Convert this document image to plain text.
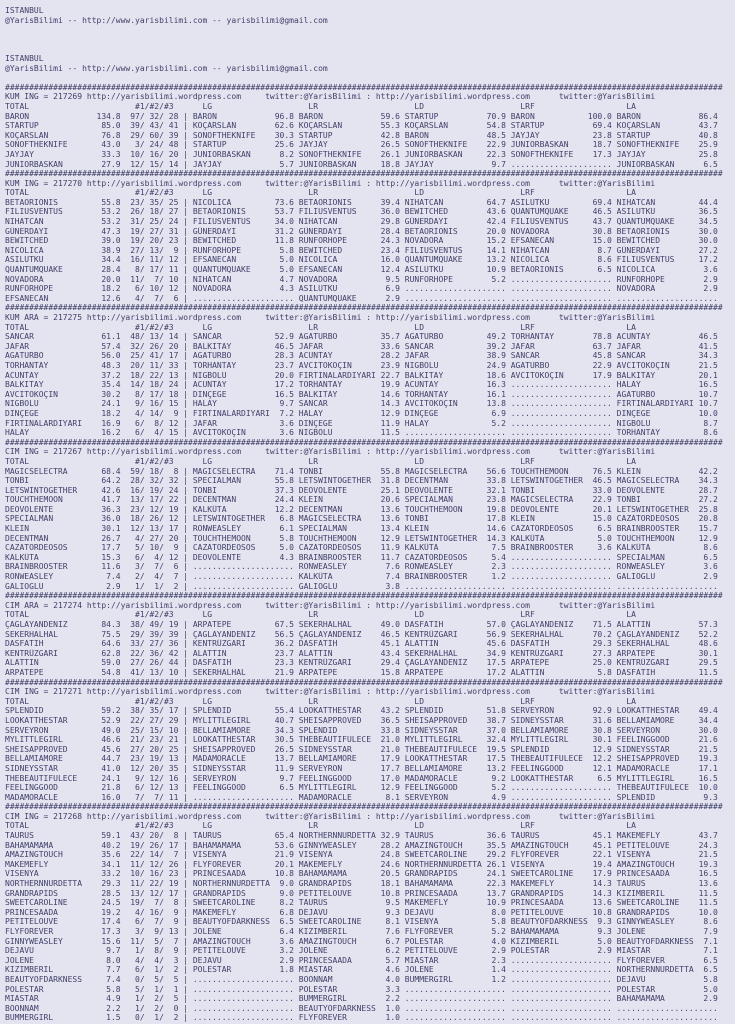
ISTANBUL
@YarisBilimi -- http://www.yarisbilimi.com -- yarisbilimi@gmail.com

ISTANBUL
@YarisBilimi -- http://www.yarisbilimi.com -- yarisbilimi@gmail.com

#####################################################################################################################################################
KUM ING = 217269 http://yarisbilimi.wordpress.com     twitter:@YarisBilimi : http://yarisbilimi.wordpress.com      twitter:@YarisBilimi
TOTAL                      #1/#2/#3      LG                    LR                    LD                    LRF                   LA
BARON              134.8  97/ 32/ 28 | BARON            96.8 BARON            59.6 STARTUP          70.9 BARON           100.0 BARON            86.4
STARTUP             85.0  39/ 43/ 41 | KOÇARSLAN        62.6 KOÇARSLAN        55.3 KOÇARSLAN        54.8 STARTUP          69.4 KOÇARSLAN        43.7
KOÇARSLAN           76.8  29/ 60/ 39 | SONOFTHEKNIFE    30.3 STARTUP          42.8 BARON            48.5 JAYJAY           23.8 STARTUP          40.8
SONOFTHEKNIFE       43.0   3/ 24/ 48 | STARTUP          25.6 JAYJAY           26.5 SONOFTHEKNIFE    22.9 JUNIORBASKAN     18.7 SONOFTHEKNIFE    25.9
JAYJAY              33.3  10/ 16/ 20 | JUNIORBASKAN      8.2 SONOFTHEKNIFE    26.1 JUNIORBASKAN     22.3 SONOFTHEKNIFE    17.3 JAYJAY           25.8
JUNIORBASKAN        27.9  12/ 15/ 14 | JAYJAY            5.7 JUNIORBASKAN     18.8 JAYJAY            9.7 ..................... JUNIORBASKAN      6.5
#####################################################################################################################################################
KUM ING = 217270 http://yarisbilimi.wordpress.com     twitter:@YarisBilimi : http://yarisbilimi.wordpress.com      twitter:@YarisBilimi
TOTAL                      #1/#2/#3      LG                    LR                    LD                    LRF                   LA
BETAORIONIS         55.8  23/ 35/ 25 | NICOLICA         73.6 BETAORIONIS      39.4 NIHATCAN         64.7 ASILUTKU         69.4 NIHATCAN         44.4
FILIUSVENTUS        53.2  26/ 18/ 27 | BETAORIONIS      53.7 FILIUSVENTUS     36.0 BEWITCHED        43.6 QUANTUMQUAKE     46.5 ASILUTKU         36.5
NIHATCAN            53.2  31/ 25/ 24 | FILIUSVENTUS     34.0 NIHATCAN         29.8 GÜNERDAYI        42.4 FILIUSVENTUS     43.7 QUANTUMQUAKE     34.5
GÜNERDAYI           47.3  19/ 27/ 31 | GÜNERDAYI        31.2 GÜNERDAYI        28.4 BETAORIONIS      20.0 NOVADORA         30.8 BETAORIONIS      30.0
BEWITCHED           39.0  19/ 20/ 23 | BEWITCHED        11.8 RUNFORHOPE       24.3 NOVADORA         15.2 EFSANECAN        15.0 BEWITCHED        30.0
NICOLICA            38.9  27/ 13/  9 | RUNFORHOPE        5.8 BEWITCHED        23.4 FILIUSVENTUS     14.1 NIHATCAN          8.7 GÜNERDAYI        27.2
ASILUTKU            34.4  16/ 11/ 12 | EFSANECAN         5.0 NICOLICA         16.0 QUANTUMQUAKE     13.2 NICOLICA          8.6 FILIUSVENTUS     17.2
QUANTUMQUAKE        28.4   8/ 17/ 11 | QUANTUMQUAKE      5.0 EFSANECAN        12.4 ASILUTKU         10.9 BETAORIONIS       6.5 NICOLICA          3.6
NOVADORA            20.0  11/  7/ 10 | NIHATCAN          4.7 NOVADORA          9.5 RUNFORHOPE        5.2 ..................... RUNFORHOPE        2.9
RUNFORHOPE          18.2   6/ 10/ 12 | NOVADORA          4.3 ASILUTKU          6.9 ..................... ..................... NOVADORA          2.9
EFSANECAN           12.6   4/  7/  6 | ..................... QUANTUMQUAKE      2.9 ..................... ..................... .....................
#####################################################################################################################################################
KUM ARA = 217275 http://yarisbilimi.wordpress.com     twitter:@YarisBilimi : http://yarisbilimi.wordpress.com      twitter:@YarisBilimi
TOTAL                      #1/#2/#3      LG                    LR                    LD                    LRF                   LA
SANCAR              61.1  48/ 13/ 14 | SANCAR           52.9 AGATURBO         35.7 AGATURBO         49.2 TORHANTAY        78.8 ACUNTAY          46.5
JAFAR               57.4  32/ 26/ 20 | BALKITAY         46.5 JAFAR            33.6 SANCAR           39.2 JAFAR            63.7 JAFAR            41.5
AGATURBO            56.0  25/ 41/ 17 | AGATURBO         28.3 ACUNTAY          28.2 JAFAR            38.9 SANCAR           45.8 SANCAR           34.3
TORHANTAY           48.3  20/ 11/ 33 | TORHANTAY        23.7 AVCITOKOÇIN      23.9 NIGBOLU          24.9 AGATURBO         22.9 AVCITOKOÇIN      21.5
ACUNTAY             37.2  18/ 22/ 13 | NIGBOLU          20.0 FIRTINALARDIYARI 22.7 BALKITAY         18.6 AVCITOKOÇIN      17.9 BALKITAY         20.1
BALKITAY            35.4  14/ 18/ 24 | ACUNTAY          17.2 TORHANTAY        19.9 ACUNTAY          16.3 ..................... HALAY            16.5
AVCITOKOÇIN         30.2   8/ 17/ 18 | DINÇEGE          16.5 BALKITAY         14.6 TORHANTAY        16.1 ..................... AGATURBO         10.7
NIGBOLU             24.1   9/ 16/ 15 | HALAY             9.7 SANCAR           14.3 AVCITOKOÇIN      13.8 ..................... FIRTINALARDIYARI 10.7
DINÇEGE             18.2   4/ 14/  9 | FIRTINALARDIYARI  7.2 HALAY            12.9 DINÇEGE           6.9 ..................... DINÇEGE          10.0
FIRTINALARDIYARI    16.9   6/  8/ 12 | JAFAR             3.6 DINÇEGE          11.9 HALAY             5.2 ..................... NIGBOLU           8.7
HALAY               16.2   6/  4/ 15 | AVCITOKOÇIN       3.6 NIGBOLU          11.5 ..................... ..................... TORHANTAY         8.6
#####################################################################################################################################################
CIM ING = 217267 http://yarisbilimi.wordpress.com     twitter:@YarisBilimi : http://yarisbilimi.wordpress.com      twitter:@YarisBilimi
TOTAL                      #1/#2/#3      LG                    LR                    LD                    LRF                   LA
MAGICSELECTRA       68.4  59/ 18/  8 | MAGICSELECTRA    71.4 TONBI            55.8 MAGICSELECTRA    56.6 TOUCHTHEMOON     76.5 KLEIN            42.2
TONBI               64.2  28/ 32/ 32 | SPECIALMAN       55.8 LETSWINTOGETHER  31.8 DECENTMAN        33.8 LETSWINTOGETHER  46.5 MAGICSELECTRA    34.3
LETSWINTOGETHER     42.6  16/ 19/ 24 | TONBI            37.3 DEOVOLENTE       25.1 DEOVOLENTE       32.1 TONBI            33.0 DEOVOLENTE       28.7
TOUCHTHEMOON        41.7  13/ 17/ 22 | DECENTMAN        24.4 KLEIN            20.6 SPECIALMAN       23.8 MAGICSELECTRA    22.9 TONBI            27.2
DEOVOLENTE          36.3  23/ 12/ 19 | KALKÜTA          12.2 DECENTMAN        13.6 TOUCHTHEMOON     19.8 DEOVOLENTE       20.1 LETSWINTOGETHER  25.8
SPECIALMAN          36.0  18/ 26/ 12 | LETSWINTOGETHER   6.8 MAGICSELECTRA    13.6 TONBI            17.8 KLEIN            15.0 CAZATORDEOSOS    20.8
KLEIN               30.1  12/ 13/ 17 | RONWEASLEY        6.1 SPECIALMAN       13.4 KLEIN            14.6 CAZATORDEOSOS     6.5 BRAINBROOSTER    15.7
DECENTMAN           26.7   4/ 27/ 20 | TOUCHTHEMOON      5.8 TOUCHTHEMOON     12.9 LETSWINTOGETHER  14.3 KALKÜTA           5.0 TOUCHTHEMOON     12.9
CAZATORDEOSOS       17.7   5/ 10/  9 | CAZATORDEOSOS     5.0 CAZATORDEOSOS    11.9 KALKÜTA           7.5 BRAINBROOSTER     3.6 KALKÜTA           8.6
KALKÜTA             15.3   6/  4/ 12 | DEOVOLENTE        4.3 BRAINBROOSTER    11.7 CAZATORDEOSOS     5.4 ..................... SPECIALMAN        6.5
BRAINBROOSTER       11.6   3/  7/  6 | ..................... RONWEASLEY        7.6 RONWEASLEY        2.3 ..................... RONWEASLEY        3.6
RONWEASLEY           7.4   2/  4/  7 | ..................... KALKÜTA           7.4 BRAINBROOSTER     1.2 ..................... GALIOGLU          2.9
GALIOGLU             2.9   1/  1/  2 | ..................... GALIOGLU          3.8 ..................... ..................... .....................
#####################################################################################################################################################
CIM ARA = 217274 http://yarisbilimi.wordpress.com     twitter:@YarisBilimi : http://yarisbilimi.wordpress.com      twitter:@YarisBilimi
TOTAL                      #1/#2/#3      LG                    LR                    LD                    LRF                   LA
ÇAGLAYANDENIZ       84.3  38/ 49/ 19 | ARPATEPE         67.5 SEKERHALHAL      49.0 DASFATIH         57.0 ÇAGLAYANDENIZ    71.5 ALATTIN          57.3
SEKERHALHAL         75.5  29/ 39/ 39 | ÇAGLAYANDENIZ    56.5 ÇAGLAYANDENIZ    46.5 KENTRÜZGARI      56.9 SEKERHALHAL      70.2 ÇAGLAYANDENIZ    52.2
DASFATIH            64.6  33/ 27/ 36 | KENTRÜZGARI      36.2 DASFATIH         45.1 ALATTIN          45.6 DASFATIH         29.3 SEKERHALHAL      48.6
KENTRÜZGARI         62.8  22/ 36/ 42 | ALATTIN          23.7 ALATTIN          43.4 SEKERHALHAL      34.9 KENTRÜZGARI      27.3 ARPATEPE         30.1
ALATTIN             59.0  27/ 26/ 44 | DASFATIH         23.3 KENTRÜZGARI      29.4 ÇAGLAYANDENIZ    17.5 ARPATEPE         25.0 KENTRÜZGARI      29.5
ARPATEPE            54.8  41/ 13/ 10 | SEKERHALHAL      21.9 ARPATEPE         15.8 ARPATEPE         17.2 ALATTIN           5.8 DASFATIH         11.5
#####################################################################################################################################################
CIM ING = 217271 http://yarisbilimi.wordpress.com     twitter:@YarisBilimi : http://yarisbilimi.wordpress.com      twitter:@YarisBilimi
TOTAL                      #1/#2/#3      LG                    LR                    LD                    LRF                   LA
SPLENDID            59.2  38/ 35/ 17 | SPLENDID         55.4 LOOKATTHESTAR    43.2 SPLENDID         51.8 SERVEYRON        92.9 LOOKATTHESTAR    49.4
LOOKATTHESTAR       52.9  22/ 27/ 29 | MYLITTLEGIRL     40.7 SHEISAPPROVED    36.5 SHEISAPPROVED    38.7 SIDNEYSSTAR      31.6 BELLAMIAMORE     34.4
SERVEYRON           49.0  25/ 15/ 10 | BELLAMIAMORE     34.3 SPLENDID         33.8 SIDNEYSSTAR      37.0 BELLAMIAMORE     30.8 SERVEYRON        30.0
MYLITTLEGIRL        46.6  21/ 23/ 21 | LOOKATTHESTAR    30.5 THEBEAUTIFULECE  21.0 MYLITTLEGIRL     32.4 MYLITTLEGIRL     30.1 FEELINGGOOD      21.6
SHEISAPPROVED       45.6  27/ 20/ 25 | SHEISAPPROVED    26.5 SIDNEYSSTAR      21.0 THEBEAUTIFULECE  19.5 SPLENDID         12.9 SIDNEYSSTAR      21.5
BELLAMIAMORE        44.7  23/ 19/ 13 | MADAMORACLE      13.7 BELLAMIAMORE     17.9 LOOKATTHESTAR    17.5 THEBEAUTIFULECE  12.2 SHEISAPPROVED    19.3
SIDNEYSSTAR         41.0  12/ 20/ 35 | SIDNEYSSTAR      11.9 SERVEYRON        17.7 BELLAMIAMORE     13.2 FEELINGGOOD      12.1 MADAMORACLE      17.1
THEBEAUTIFULECE     24.1   9/ 12/ 16 | SERVEYRON         9.7 FEELINGGOOD      17.0 MADAMORACLE       9.2 LOOKATTHESTAR     6.5 MYLITTLEGIRL     16.5
FEELINGGOOD         21.8   6/ 12/ 13 | FEELINGGOOD       6.5 MYLITTLEGIRL     12.9 FEELINGGOOD       5.2 ..................... THEBEAUTIFULECE  10.0
MADAMORACLE         16.0   7/  7/ 11 | ..................... MADAMORACLE       8.1 SERVEYRON         4.9 ..................... SPLENDID          9.3
#####################################################################################################################################################
CIM ING = 217268 http://yarisbilimi.wordpress.com     twitter:@YarisBilimi : http://yarisbilimi.wordpress.com      twitter:@YarisBilimi
TOTAL                      #1/#2/#3      LG                    LR                    LD                    LRF                   LA
TAURUS              59.1  43/ 20/  8 | TAURUS           65.4 NORTHERNNURDETTA 32.9 TAURUS           36.6 TAURUS           45.1 MAKEMEFLY        43.7
BAHAMAMAMA          40.2  19/ 26/ 17 | BAHAMAMAMA       53.6 GINNYWEASLEY     28.2 AMAZINGTOUCH     35.5 AMAZINGTOUCH     45.1 PETITELOUVE      24.3
AMAZINGTOUCH        35.6  22/ 14/  7 | VISENYA          21.9 VISENYA          24.8 SWEETCAROLINE    29.2 FLYFOREVER       22.1 VISENYA          21.5
MAKEMEFLY           34.1  11/ 12/ 26 | FLYFOREVER       20.1 MAKEMEFLY        24.6 NORTHERNNURDETTA 26.1 VISENYA          19.4 AMAZINGTOUCH     19.3
VISENYA             33.2  10/ 16/ 23 | PRINCESAADA      10.8 BAHAMAMAMA       20.5 GRANDRAPIDS      24.1 SWEETCAROLINE    17.9 PRINCESAADA      16.5
NORTHERNNURDETTA    29.3  11/ 22/ 19 | NORTHERNNURDETTA  9.0 GRANDRAPIDS      18.1 BAHAMAMAMA       22.3 MAKEMEFLY        14.3 TAURUS           13.6
GRANDRAPIDS         28.5  13/ 12/ 17 | GRANDRAPIDS       9.0 PETITELOUVE      10.8 PRINCESAADA      13.7 GRANDRAPIDS      14.3 KIZIMBERIL       11.5
SWEETCAROLINE       24.5  19/  7/  8 | SWEETCAROLINE     8.2 TAURUS            9.5 MAKEMEFLY        10.9 PRINCESAADA      13.6 SWEETCAROLINE    11.5
PRINCESAADA         19.2   4/ 16/  9 | MAKEMEFLY         6.8 DEJAVU            9.3 DEJAVU            8.0 PETITELOUVE      10.8 GRANDRAPIDS      10.0
PETITELOUVE         17.4   6/  7/  9 | BEAUTYOFDARKNESS  6.5 SWEETCAROLINE     8.1 VISENYA           5.8 BEAUTYOFDARKNESS  9.3 GINNYWEASLEY      8.6
FLYFOREVER          17.3   3/  9/ 13 | JOLENE            6.4 KIZIMBERIL        7.6 FLYFOREVER        5.2 BAHAMAMAMA        9.3 JOLENE            7.9
GINNYWEASLEY        15.6  11/  5/  7 | AMAZINGTOUCH      3.6 AMAZINGTOUCH      6.7 POLESTAR          4.0 KIZIMBERIL        5.0 BEAUTYOFDARKNESS  7.1
DEJAVU               9.7   1/  8/  9 | PETITELOUVE       3.2 JOLENE            6.2 PETITELOUVE       2.9 POLESTAR          2.9 MIASTAR           7.1
JOLENE               8.0   4/  4/  3 | DEJAVU            2.9 PRINCESAADA       5.7 MIASTAR           2.3 ..................... FLYFOREVER        6.5
KIZIMBERIL           7.7   6/  1/  2 | POLESTAR          1.8 MIASTAR           4.6 JOLENE            1.4 ..................... NORTHERNNURDETTA  6.5
BEAUTYOFDARKNESS     7.4   0/  5/  5 | ..................... BOONNAM           4.0 BUMMERGIRL        1.2 ..................... DEJAVU            5.8
POLESTAR             5.8   5/  1/  1 | ..................... POLESTAR          3.3 ..................... ..................... POLESTAR          5.0
MIASTAR              4.9   1/  2/  5 | ..................... BUMMERGIRL        2.2 ..................... ..................... BAHAMAMAMA        2.9
BOONNAM              2.2   1/  2/  0 | ..................... BEAUTYOFDARKNESS  1.0 ..................... ..................... .....................
BUMMERGIRL           1.5   0/  1/  2 | ..................... FLYFOREVER        1.0 ..................... ..................... .....................
